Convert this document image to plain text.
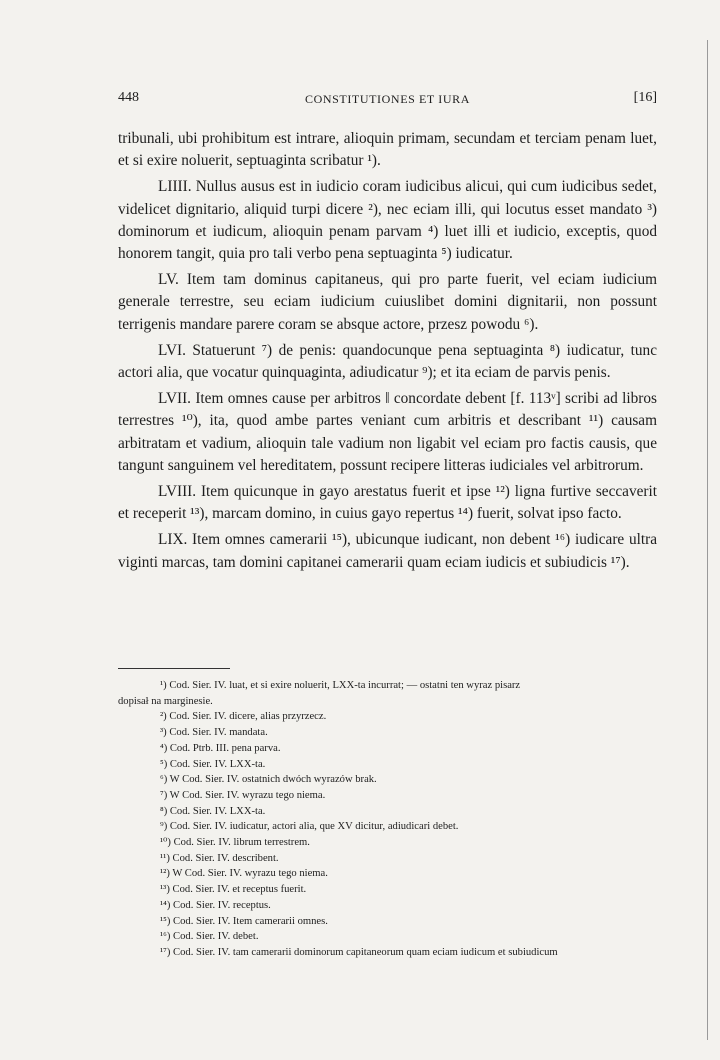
448	CONSTITUTIONES ET IURA	[16]

tribunali, ubi prohibitum est intrare, alioquin primam, secundam et terciam penam luet, et si exire noluerit, septuaginta scribatur ¹).

LIIII. Nullus ausus est in iudicio coram iudicibus alicui, qui cum iudicibus sedet, videlicet dignitario, aliquid turpi dicere ²), nec eciam illi, qui locutus esset mandato ³) dominorum et iudicum, alioquin penam parvam ⁴) luet illi et iudicio, exceptis, quod honorem tangit, quia pro tali verbo pena septuaginta ⁵) iudicatur.

LV. Item tam dominus capitaneus, qui pro parte fuerit, vel eciam iudicium generale terrestre, seu eciam iudicium cuiuslibet domini dignitarii, non possunt terrigenis mandare parere coram se absque actore, przesz powodu ⁶).

LVI. Statuerunt ⁷) de penis: quandocunque pena septuaginta ⁸) iudicatur, tunc actori alia, que vocatur quinquaginta, adiudicatur ⁹); et ita eciam de parvis penis.

LVII. Item omnes cause per arbitros ‖ concordate debent [f. 113ᵛ] scribi ad libros terrestres ¹⁰), ita, quod ambe partes veniant cum arbitris et describant ¹¹) causam arbitratam et vadium, alioquin tale vadium non ligabit vel eciam pro factis causis, que tangunt sanguinem vel hereditatem, possunt recipere litteras iudiciales vel arbitrorum.

LVIII. Item quicunque in gayo arestatus fuerit et ipse ¹²) ligna furtive seccaverit et receperit ¹³), marcam domino, in cuius gayo repertus ¹⁴) fuerit, solvat ipso facto.

LIX. Item omnes camerarii ¹⁵), ubicunque iudicant, non debent ¹⁶) iudicare ultra viginti marcas, tam domini capitanei camerarii quam eciam iudicis et subiudicis ¹⁷).

¹) Cod. Sier. IV. luat, et si exire noluerit, LXX-ta incurrat; — ostatni ten wyraz pisarz
dopisał na marginesie.
²) Cod. Sier. IV. dicere, alias przyrzecz.
³) Cod. Sier. IV. mandata.
⁴) Cod. Ptrb. III. pena parva.
⁵) Cod. Sier. IV. LXX-ta.
⁶) W Cod. Sier. IV. ostatnich dwóch wyrazów brak.
⁷) W Cod. Sier. IV. wyrazu tego niema.
⁸) Cod. Sier. IV. LXX-ta.
⁹) Cod. Sier. IV. iudicatur, actori alia, que XV dicitur, adiudicari debet.
¹⁰) Cod. Sier. IV. librum terrestrem.
¹¹) Cod. Sier. IV. describent.
¹²) W Cod. Sier. IV. wyrazu tego niema.
¹³) Cod. Sier. IV. et receptus fuerit.
¹⁴) Cod. Sier. IV. receptus.
¹⁵) Cod. Sier. IV. Item camerarii omnes.
¹⁶) Cod. Sier. IV. debet.
¹⁷) Cod. Sier. IV. tam camerarii dominorum capitaneorum quam eciam iudicum et subiudicum
